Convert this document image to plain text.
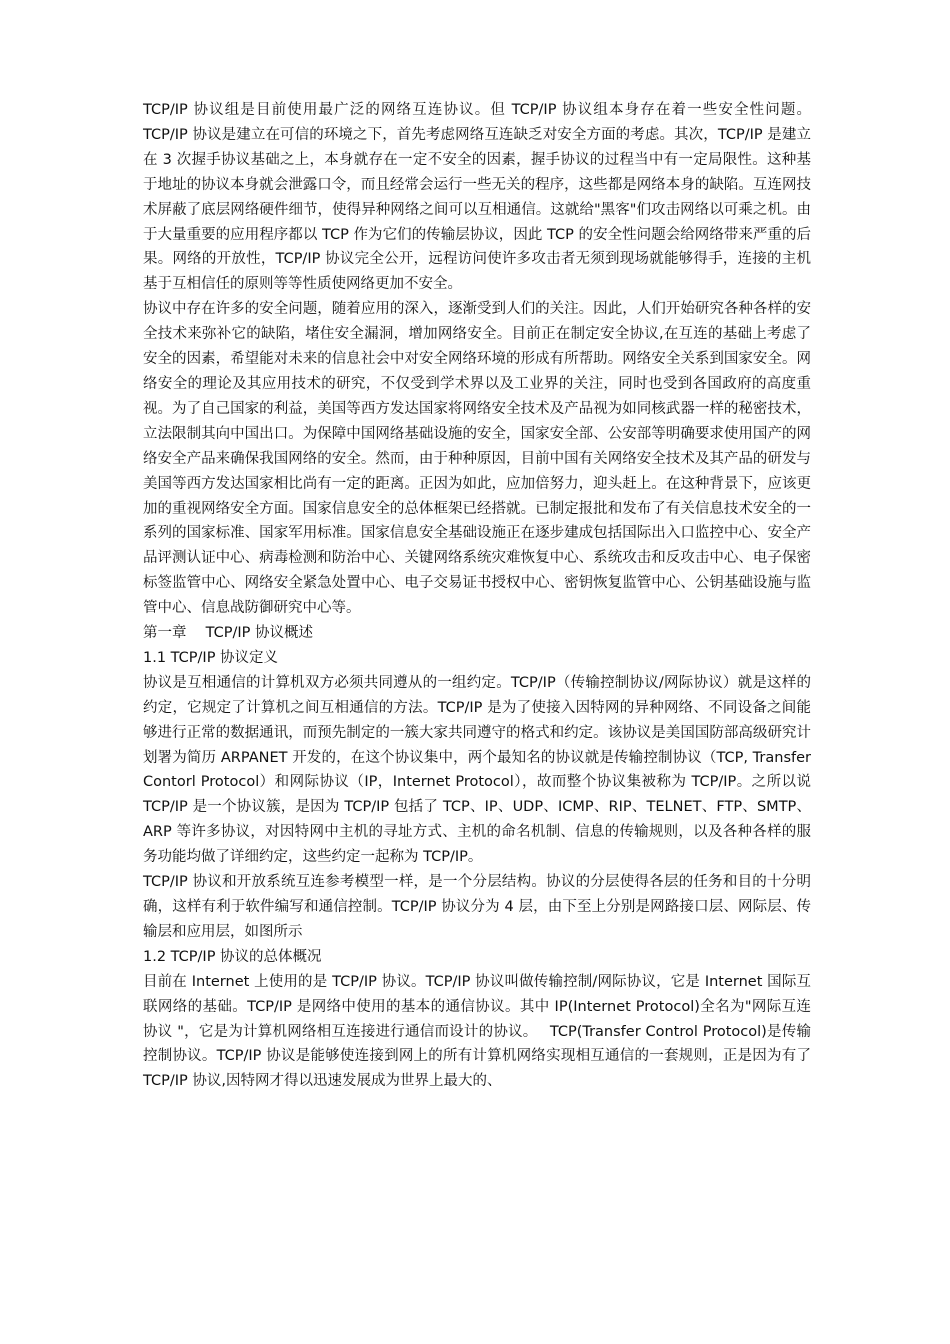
TCP/IP 协议组是目前使用最广泛的网络互连协议。但 TCP/IP 协议组本身存在着一些安全性问题。TCP/IP 协议是建立在可信的环境之下，首先考虑网络互连缺乏对安全方面的考虑。其次，TCP/IP 是建立在 3 次握手协议基础之上，本身就存在一定不安全的因素，握手协议的过程当中有一定局限性。这种基于地址的协议本身就会泄露口令，而且经常会运行一些无关的程序，这些都是网络本身的缺陷。互连网技术屏蔽了底层网络硬件细节，使得异种网络之间可以互相通信。这就给"黑客"们攻击网络以可乘之机。由于大量重要的应用程序都以 TCP 作为它们的传输层协议，因此 TCP 的安全性问题会给网络带来严重的后果。网络的开放性，TCP/IP 协议完全公开，远程访问使许多攻击者无须到现场就能够得手，连接的主机基于互相信任的原则等等性质使网络更加不安全。

协议中存在许多的安全问题，随着应用的深入，逐渐受到人们的关注。因此，人们开始研究各种各样的安全技术来弥补它的缺陷，堵住安全漏洞，增加网络安全。目前正在制定安全协议,在互连的基础上考虑了安全的因素，希望能对未来的信息社会中对安全网络环境的形成有所帮助。网络安全关系到国家安全。网络安全的理论及其应用技术的研究，不仅受到学术界以及工业界的关注，同时也受到各国政府的高度重视。为了自己国家的利益，美国等西方发达国家将网络安全技术及产品视为如同核武器一样的秘密技术，立法限制其向中国出口。为保障中国网络基础设施的安全，国家安全部、公安部等明确要求使用国产的网络安全产品来确保我国网络的安全。然而，由于种种原因，目前中国有关网络安全技术及其产品的研发与美国等西方发达国家相比尚有一定的距离。正因为如此，应加倍努力，迎头赶上。在这种背景下，应该更加的重视网络安全方面。国家信息安全的总体框架已经搭就。已制定报批和发布了有关信息技术安全的一系列的国家标准、国家军用标准。国家信息安全基础设施正在逐步建成包括国际出入口监控中心、安全产品评测认证中心、病毒检测和防治中心、关键网络系统灾难恢复中心、系统攻击和反攻击中心、电子保密标签监管中心、网络安全紧急处置中心、电子交易证书授权中心、密钥恢复监管中心、公钥基础设施与监管中心、信息战防御研究中心等。

第一章　 TCP/IP 协议概述

1.1 TCP/IP 协议定义

协议是互相通信的计算机双方必须共同遵从的一组约定。TCP/IP（传输控制协议/网际协议）就是这样的约定，它规定了计算机之间互相通信的方法。TCP/IP 是为了使接入因特网的异种网络、不同设备之间能够进行正常的数据通讯，而预先制定的一簇大家共同遵守的格式和约定。该协议是美国国防部高级研究计划署为简历 ARPANET 开发的，在这个协议集中，两个最知名的协议就是传输控制协议（TCP, Transfer Contorl Protocol）和网际协议（IP，Internet Protocol），故而整个协议集被称为 TCP/IP。之所以说 TCP/IP 是一个协议簇，是因为 TCP/IP 包括了 TCP、IP、UDP、ICMP、RIP、TELNET、FTP、SMTP、ARP 等许多协议，对因特网中主机的寻址方式、主机的命名机制、信息的传输规则，以及各种各样的服务功能均做了详细约定，这些约定一起称为 TCP/IP。

TCP/IP 协议和开放系统互连参考模型一样，是一个分层结构。协议的分层使得各层的任务和目的十分明确，这样有利于软件编写和通信控制。TCP/IP 协议分为 4 层，由下至上分别是网路接口层、网际层、传输层和应用层，如图所示

1.2 TCP/IP 协议的总体概况

目前在 Internet 上使用的是 TCP/IP 协议。TCP/IP 协议叫做传输控制/网际协议，它是 Internet 国际互联网络的基础。TCP/IP 是网络中使用的基本的通信协议。其中 IP(Internet Protocol)全名为"网际互连协议 "，它是为计算机网络相互连接进行通信而设计的协议。　 TCP(Transfer Control Protocol)是传输控制协议。TCP/IP 协议是能够使连接到网上的所有计算机网络实现相互通信的一套规则，正是因为有了 TCP/IP 协议,因特网才得以迅速发展成为世界上最大的、
